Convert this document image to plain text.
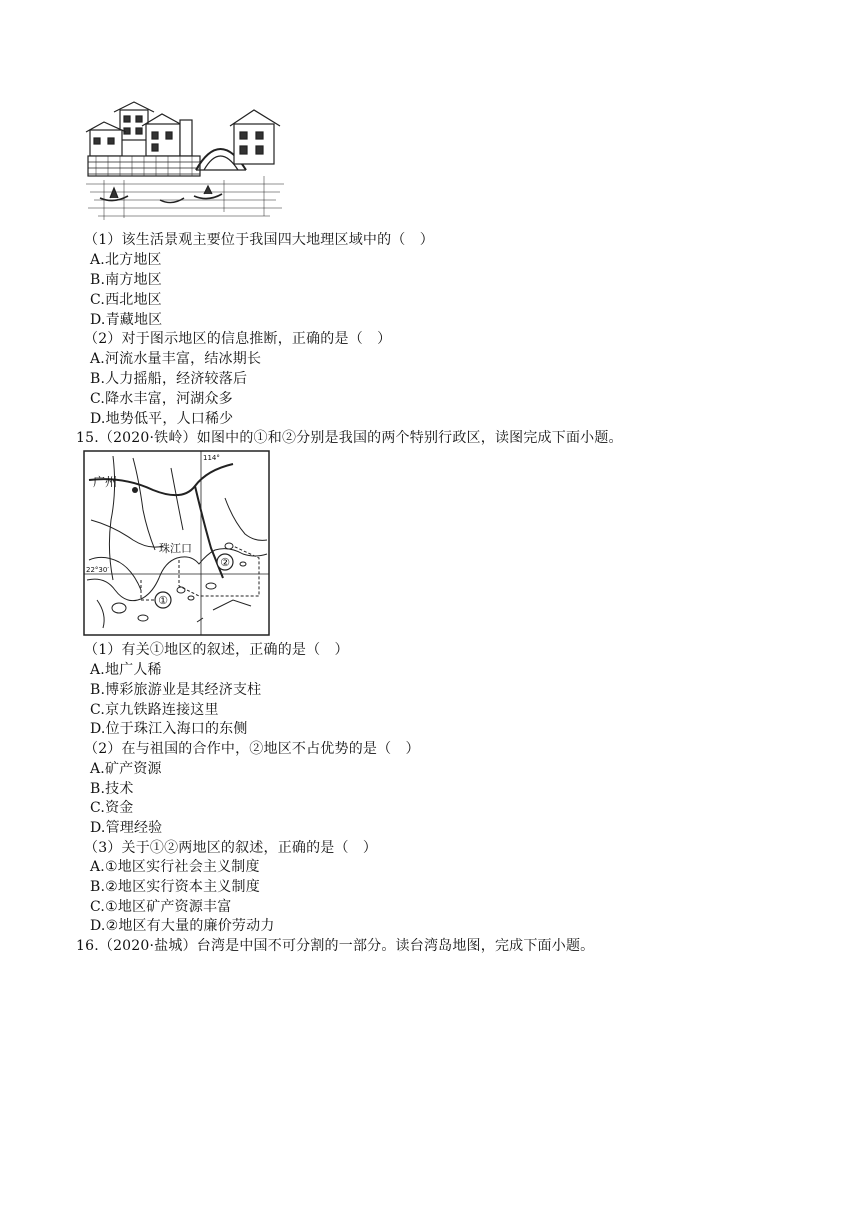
（1）该生活景观主要位于我国四大地理区域中的（　）
A.北方地区
B.南方地区
C.西北地区
D.青藏地区
（2）对于图示地区的信息推断，正确的是（　）
A.河流水量丰富，结冰期长
B.人力摇船，经济较落后
C.降水丰富，河湖众多
D.地势低平，人口稀少
15.（2020·铁岭）如图中的①和②分别是我国的两个特别行政区，读图完成下面小题。
广州
珠江口
114°
22°30′
①
②
（1）有关①地区的叙述，正确的是（　）
A.地广人稀
B.博彩旅游业是其经济支柱
C.京九铁路连接这里
D.位于珠江入海口的东侧
（2）在与祖国的合作中，②地区不占优势的是（　）
A.矿产资源
B.技术
C.资金
D.管理经验
（3）关于①②两地区的叙述，正确的是（　）
A.①地区实行社会主义制度
B.②地区实行资本主义制度
C.①地区矿产资源丰富
D.②地区有大量的廉价劳动力
16.（2020·盐城）台湾是中国不可分割的一部分。读台湾岛地图，完成下面小题。
